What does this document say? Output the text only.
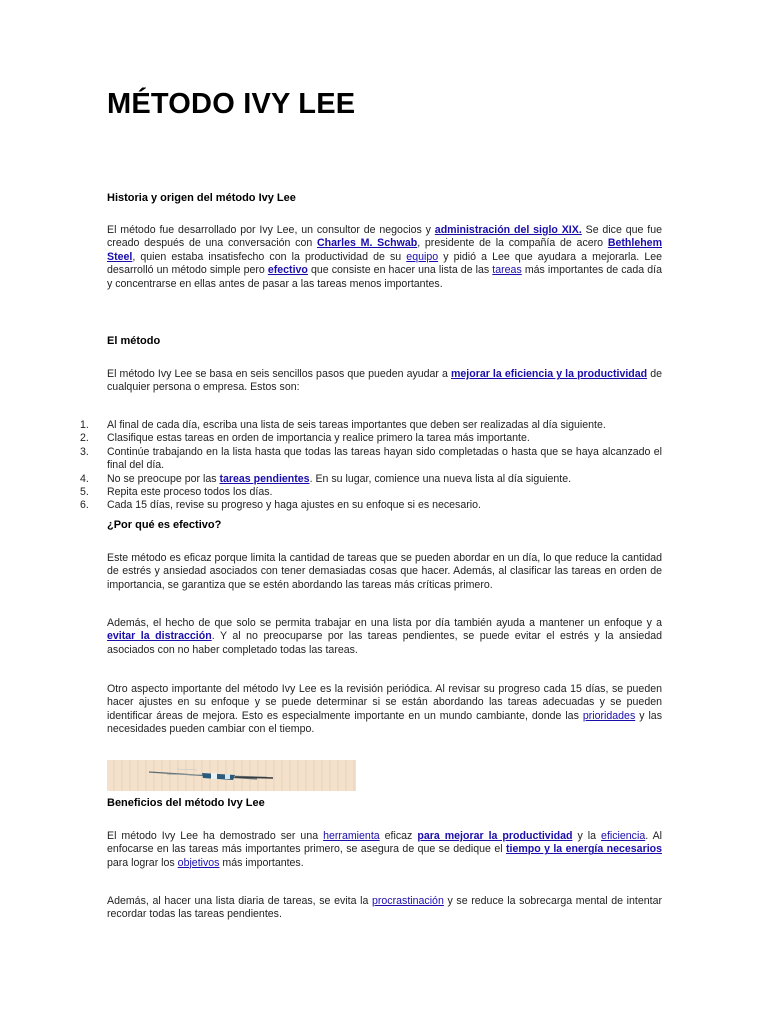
MÉTODO IVY LEE

Historia y origen del método Ivy Lee

El método fue desarrollado por Ivy Lee, un consultor de negocios y administración del siglo XIX. Se dice que fue creado después de una conversación con Charles M. Schwab, presidente de la compañía de acero Bethlehem Steel, quien estaba insatisfecho con la productividad de su equipo y pidió a Lee que ayudara a mejorarla. Lee desarrolló un método simple pero efectivo que consiste en hacer una lista de las tareas más importantes de cada día y concentrarse en ellas antes de pasar a las tareas menos importantes.

El método

El método Ivy Lee se basa en seis sencillos pasos que pueden ayudar a mejorar la eficiencia y la productividad de cualquier persona o empresa. Estos son:

1. Al final de cada día, escriba una lista de seis tareas importantes que deben ser realizadas al día siguiente.
2. Clasifique estas tareas en orden de importancia y realice primero la tarea más importante.
3. Continúe trabajando en la lista hasta que todas las tareas hayan sido completadas o hasta que se haya alcanzado el final del día.
4. No se preocupe por las tareas pendientes. En su lugar, comience una nueva lista al día siguiente.
5. Repita este proceso todos los días.
6. Cada 15 días, revise su progreso y haga ajustes en su enfoque si es necesario.

¿Por qué es efectivo?

Este método es eficaz porque limita la cantidad de tareas que se pueden abordar en un día, lo que reduce la cantidad de estrés y ansiedad asociados con tener demasiadas cosas que hacer. Además, al clasificar las tareas en orden de importancia, se garantiza que se estén abordando las tareas más críticas primero.

Además, el hecho de que solo se permita trabajar en una lista por día también ayuda a mantener un enfoque y a evitar la distracción. Y al no preocuparse por las tareas pendientes, se puede evitar el estrés y la ansiedad asociados con no haber completado todas las tareas.

Otro aspecto importante del método Ivy Lee es la revisión periódica. Al revisar su progreso cada 15 días, se pueden hacer ajustes en su enfoque y se puede determinar si se están abordando las tareas adecuadas y se pueden identificar áreas de mejora. Esto es especialmente importante en un mundo cambiante, donde las prioridades y las necesidades pueden cambiar con el tiempo.

Beneficios del método Ivy Lee

El método Ivy Lee ha demostrado ser una herramienta eficaz para mejorar la productividad y la eficiencia. Al enfocarse en las tareas más importantes primero, se asegura de que se dedique el tiempo y la energía necesarios para lograr los objetivos más importantes.

Además, al hacer una lista diaria de tareas, se evita la procrastinación y se reduce la sobrecarga mental de intentar recordar todas las tareas pendientes.
